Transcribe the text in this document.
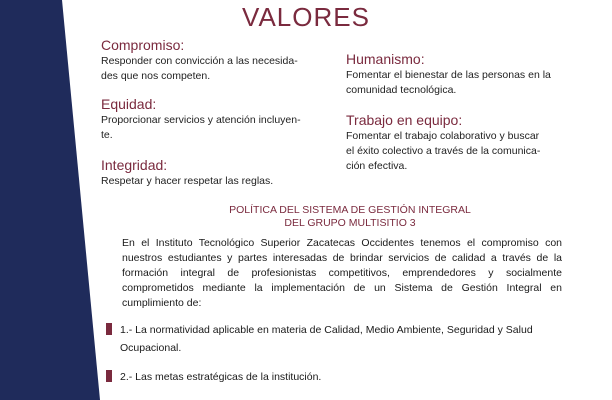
VALORES

Compromiso:

Responder con convicción a las necesida-
des que nos competen.

Equidad:

Proporcionar servicios y atención incluyen-
te.

Integridad:

Respetar y hacer respetar las reglas.

Humanismo:

Fomentar el bienestar de las personas en la
comunidad tecnológica.

Trabajo en equipo:

Fomentar el trabajo colaborativo y buscar
el éxito colectivo a través de la comunica-
ción efectiva.

POLÍTICA DEL SISTEMA DE GESTIÓN INTEGRAL
DEL GRUPO MULTISITIO 3

En el Instituto Tecnológico Superior Zacatecas Occidentes tenemos el compromiso con nuestros estudiantes y partes interesadas de brindar servicios de calidad a través de la formación integral de profesionistas competitivos, emprendedores y socialmente comprometidos mediante la implementación de un Sistema de Gestión Integral en cumplimiento de:

1.- La normatividad aplicable en materia de Calidad, Medio Ambiente, Seguridad y Salud Ocupacional.
2.- Las metas estratégicas de la institución.
